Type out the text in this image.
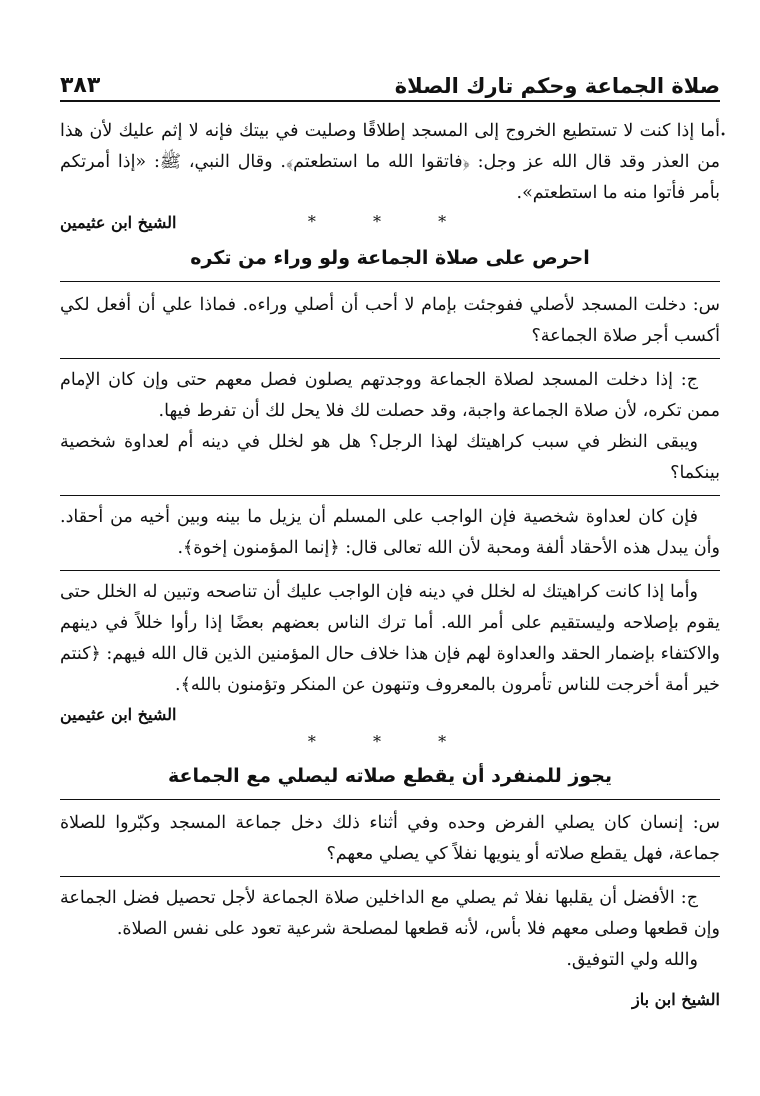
صلاة الجماعة وحكم تارك الصلاة
٣٨٣
•

أما إذا كنت لا تستطيع الخروج إلى المسجد إطلاقًا وصليت في بيتك فإنه لا إثم عليك لأن هذا من العذر وقد قال الله عز وجل: ﴿فاتقوا الله ما استطعتم﴾. وقال النبي، ﷺ: «إذا أمرتكم بأمر فأتوا منه ما استطعتم».

* * *

الشيخ ابن عثيمين

احرص على صلاة الجماعة ولو وراء من تكره

س: دخلت المسجد لأصلي ففوجئت بإمام لا أحب أن أصلي وراءه. فماذا علي أن أفعل لكي أكسب أجر صلاة الجماعة؟

ج: إذا دخلت المسجد لصلاة الجماعة ووجدتهم يصلون فصل معهم حتى وإن كان الإمام ممن تكره، لأن صلاة الجماعة واجبة، وقد حصلت لك فلا يحل لك أن تفرط فيها.

ويبقى النظر في سبب كراهيتك لهذا الرجل؟ هل هو لخلل في دينه أم لعداوة شخصية بينكما؟

فإن كان لعداوة شخصية فإن الواجب على المسلم أن يزيل ما بينه وبين أخيه من أحقاد. وأن يبدل هذه الأحقاد ألفة ومحبة لأن الله تعالى قال: ﴿إنما المؤمنون إخوة﴾.

وأما إذا كانت كراهيتك له لخلل في دينه فإن الواجب عليك أن تناصحه وتبين له الخلل حتى يقوم بإصلاحه وليستقيم على أمر الله. أما ترك الناس بعضهم بعضًا إذا رأوا خللاً في دينهم والاكتفاء بإضمار الحقد والعداوة لهم فإن هذا خلاف حال المؤمنين الذين قال الله فيهم: ﴿كنتم خير أمة أخرجت للناس تأمرون بالمعروف وتنهون عن المنكر وتؤمنون بالله﴾.

الشيخ ابن عثيمين

* * *
يجوز للمنفرد أن يقطع صلاته ليصلي مع الجماعة

س: إنسان كان يصلي الفرض وحده وفي أثناء ذلك دخل جماعة المسجد وكبّروا للصلاة جماعة، فهل يقطع صلاته أو ينويها نفلاً كي يصلي معهم؟

ج: الأفضل أن يقلبها نفلا ثم يصلي مع الداخلين صلاة الجماعة لأجل تحصيل فضل الجماعة وإن قطعها وصلى معهم فلا بأس، لأنه قطعها لمصلحة شرعية تعود على نفس الصلاة.

والله ولي التوفيق.

الشيخ ابن باز
